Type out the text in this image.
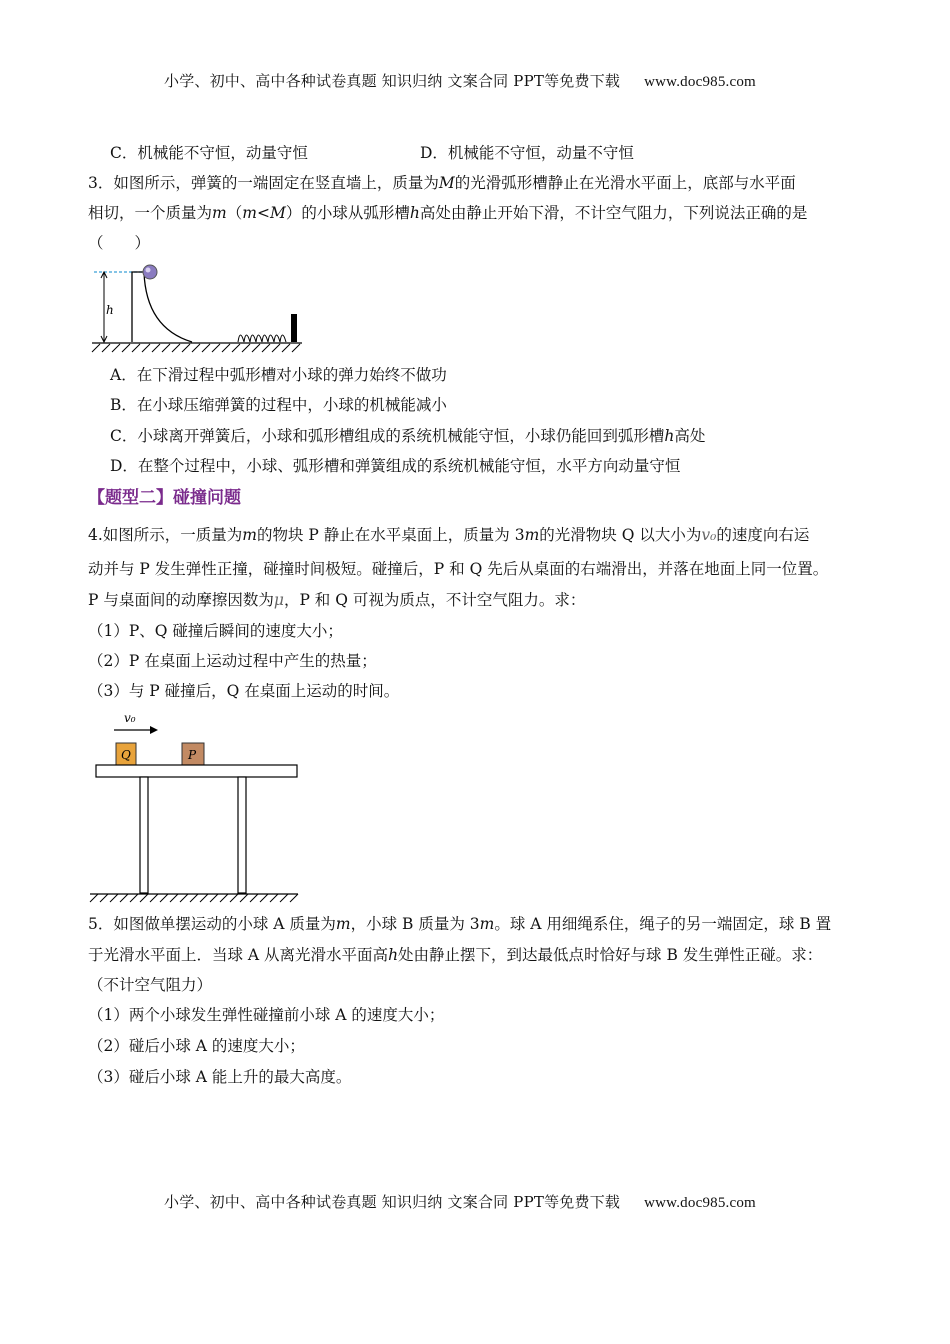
小学、初中、高中各种试卷真题 知识归纳 文案合同 PPT等免费下载 www.doc985.com
C．机械能不守恒，动量守恒	D．机械能不守恒，动量不守恒
3．如图所示，弹簧的一端固定在竖直墙上，质量为M的光滑弧形槽静止在光滑水平面上，底部与水平面
相切，一个质量为m（m<M）的小球从弧形槽h高处由静止开始下滑，不计空气阻力，下列说法正确的是
（　　）
h
A．在下滑过程中弧形槽对小球的弹力始终不做功
B．在小球压缩弹簧的过程中，小球的机械能减小
C．小球离开弹簧后，小球和弧形槽组成的系统机械能守恒，小球仍能回到弧形槽h高处
D．在整个过程中，小球、弧形槽和弹簧组成的系统机械能守恒，水平方向动量守恒
【题型二】碰撞问题
4.如图所示，一质量为m的物块 P 静止在水平桌面上，质量为 3m的光滑物块 Q 以大小为v₀的速度向右运
动并与 P 发生弹性正撞，碰撞时间极短。碰撞后，P 和 Q 先后从桌面的右端滑出，并落在地面上同一位置。
P 与桌面间的动摩擦因数为μ，P 和 Q 可视为质点，不计空气阻力。求：
（1）P、Q 碰撞后瞬间的速度大小；
（2）P 在桌面上运动过程中产生的热量；
（3）与 P 碰撞后，Q 在桌面上运动的时间。
v₀
Q	P
5．如图做单摆运动的小球 A 质量为m，小球 B 质量为 3m。球 A 用细绳系住，绳子的另一端固定，球 B 置
于光滑水平面上．当球 A 从离光滑水平面高h处由静止摆下，到达最低点时恰好与球 B 发生弹性正碰。求：
（不计空气阻力）
（1）两个小球发生弹性碰撞前小球 A 的速度大小；
（2）碰后小球 A 的速度大小；
（3）碰后小球 A 能上升的最大高度。
小学、初中、高中各种试卷真题 知识归纳 文案合同 PPT等免费下载 www.doc985.com
